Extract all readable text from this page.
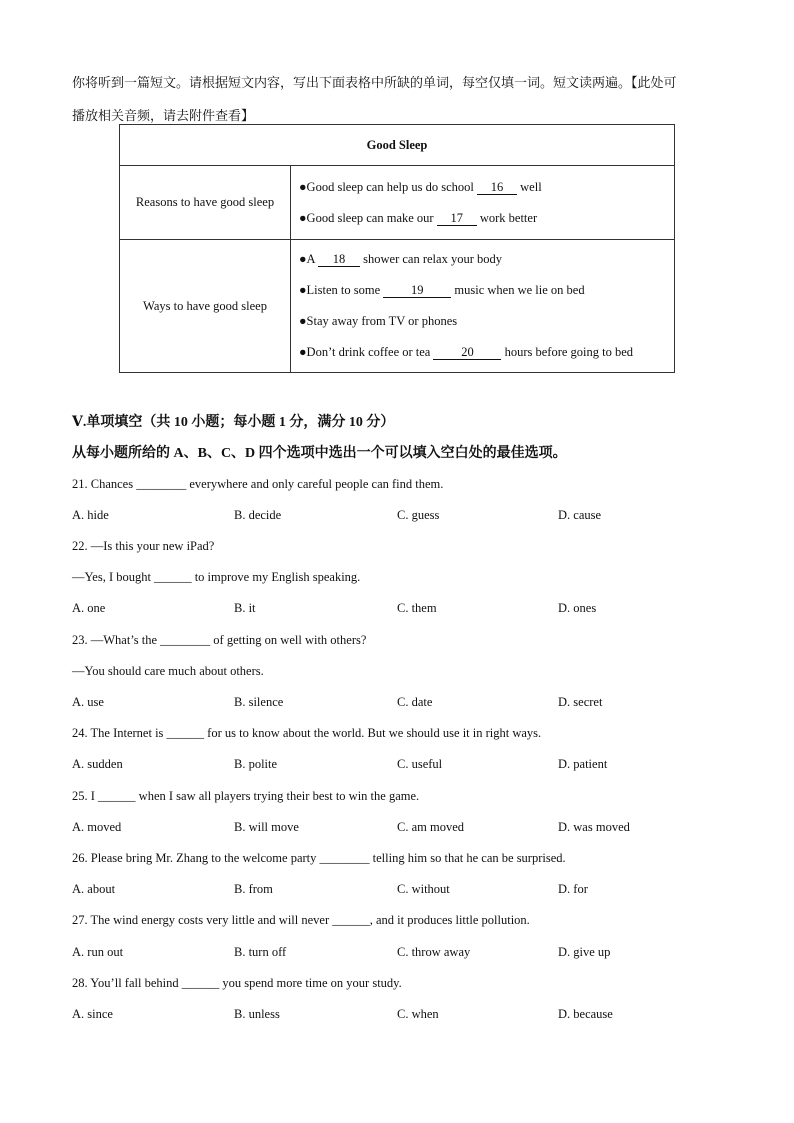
你将听到一篇短文。请根据短文内容，写出下面表格中所缺的单词，每空仅填一词。短文读两遍。【此处可
播放相关音频，请去附件查看】
Good Sleep	
Reasons to have good sleep	●Good sleep can help us do school 16 well
●Good sleep can make our 17 work better

Ways to have good sleep	●A 18 shower can relax your body
●Listen to some 19 music when we lie on bed
●Stay away from TV or phones
●Don’t drink coffee or tea 20 hours before going to bed
Ⅴ.单项填空（共 10 小题；每小题 1 分，满分 10 分）
从每小题所给的 A、B、C、D 四个选项中选出一个可以填入空白处的最佳选项。
21. Chances ________ everywhere and only careful people can find them.
A. hide	B. decide	C. guess	D. cause
22. —Is this your new iPad?
—Yes, I bought ______ to improve my English speaking.
A. one	B. it	C. them	D. ones
23. —What’s the ________ of getting on well with others?
—You should care much about others.
A. use	B. silence	C. date	D. secret
24. The Internet is ______ for us to know about the world. But we should use it in right ways.
A. sudden	B. polite	C. useful	D. patient
25. I ______ when I saw all players trying their best to win the game.
A. moved	B. will move	C. am moved	D. was moved
26. Please bring Mr. Zhang to the welcome party ________ telling him so that he can be surprised.
A. about	B. from	C. without	D. for
27. The wind energy costs very little and will never ______, and it produces little pollution.
A. run out	B. turn off	C. throw away	D. give up
28. You’ll fall behind ______ you spend more time on your study.
A. since	B. unless	C. when	D. because
